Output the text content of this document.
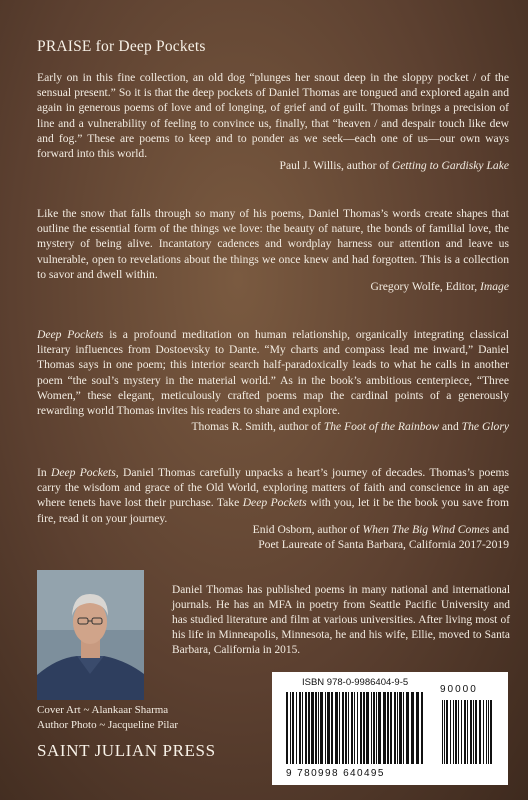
PRAISE for Deep Pockets

Early on in this fine collection, an old dog “plunges her snout deep in the sloppy pocket / of the sensual present.” So it is that the deep pockets of Daniel Thomas are tongued and explored again and again in generous poems of love and of longing, of grief and of guilt. Thomas brings a precision of line and a vulnerability of feeling to convince us, finally, that “heaven / and despair touch like dew and fog.” These are poems to keep and to ponder as we seek—each one of us—our own ways forward into this world.

Paul J. Willis, author of Getting to Gardisky Lake

Like the snow that falls through so many of his poems, Daniel Thomas’s words create shapes that outline the essential form of the things we love: the beauty of nature, the bonds of familial love, the mystery of being alive. Incantatory cadences and wordplay harness our attention and leave us vulnerable, open to revelations about the things we once knew and had forgotten. This is a collection to savor and dwell within.

Gregory Wolfe, Editor, Image

Deep Pockets is a profound meditation on human relationship, organically integrating classical literary influences from Dostoevsky to Dante. “My charts and compass lead me inward,” Daniel Thomas says in one poem; this interior search half-paradoxically leads to what he calls in another poem “the soul’s mystery in the material world.” As in the book’s ambitious centerpiece, “Three Women,” these elegant, meticulously crafted poems map the cardinal points of a generously rewarding world Thomas invites his readers to share and explore.

Thomas R. Smith, author of The Foot of the Rainbow and The Glory

In Deep Pockets, Daniel Thomas carefully unpacks a heart’s journey of decades. Thomas’s poems carry the wisdom and grace of the Old World, exploring matters of faith and conscience in an age where tenets have lost their purchase. Take Deep Pockets with you, let it be the book you save from fire, read it on your journey.

Enid Osborn, author of When The Big Wind Comes and
Poet Laureate of Santa Barbara, California 2017-2019

Daniel Thomas has published poems in many national and international journals. He has an MFA in poetry from Seattle Pacific University and has studied literature and film at various universities. After living most of his life in Minneapolis, Minnesota, he and his wife, Ellie, moved to Santa Barbara, California in 2015.

Cover Art ~ Alankaar Sharma
Author Photo ~ Jacqueline Pilar
SAINT JULIAN PRESS
ISBN 978-0-9986404-9-5
90000
9 780998 640495
